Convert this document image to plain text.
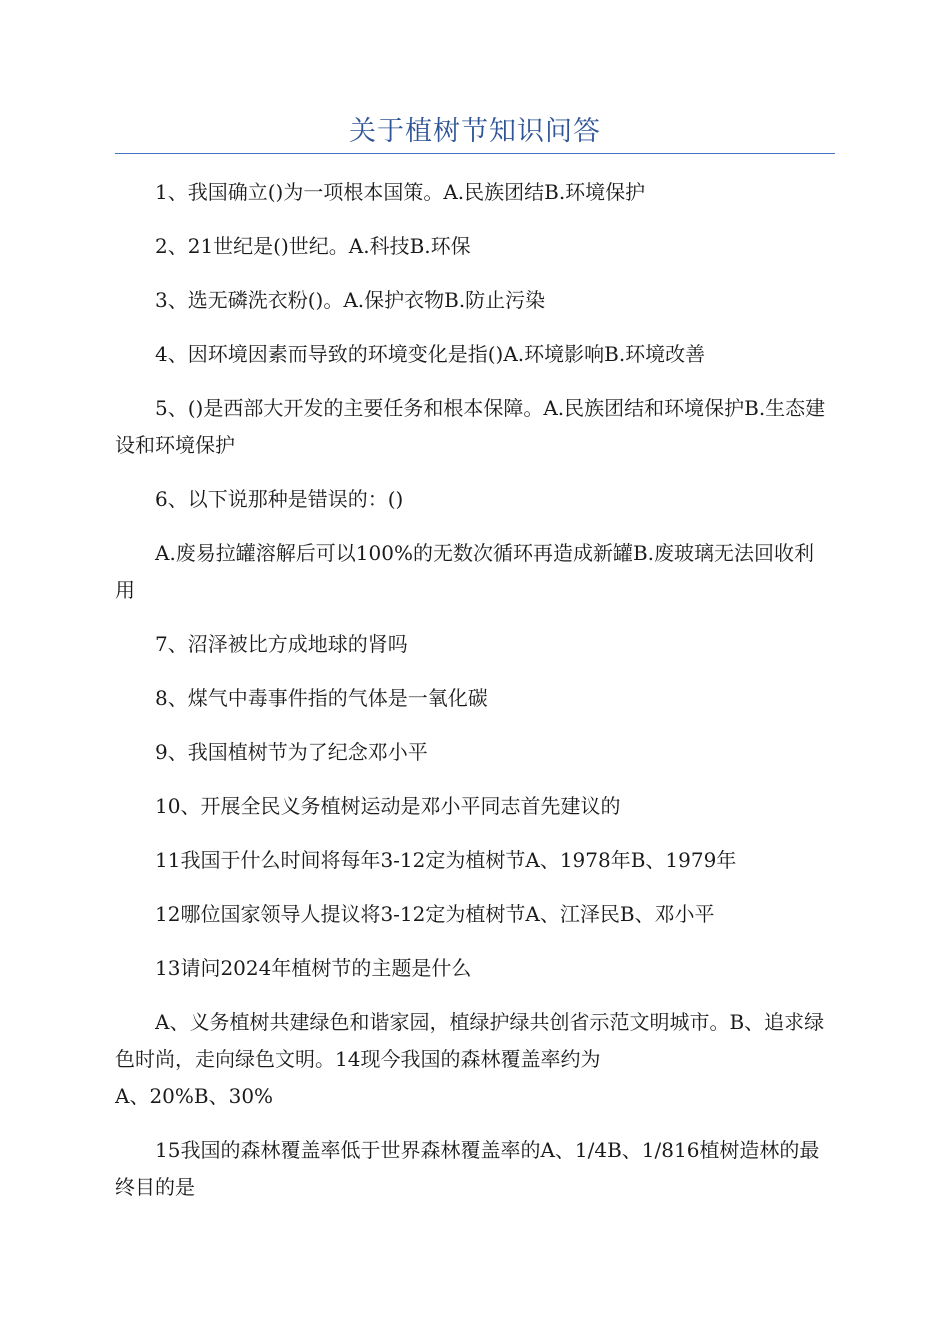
关于植树节知识问答

1、我国确立()为一项根本国策。A.民族团结B.环境保护

2、21世纪是()世纪。A.科技B.环保

3、选无磷洗衣粉()。A.保护衣物B.防止污染

4、因环境因素而导致的环境变化是指()A.环境影响B.环境改善

5、()是西部大开发的主要任务和根本保障。A.民族团结和环境保护B.生态建设和环境保护

6、以下说那种是错误的：()

A.废易拉罐溶解后可以100%的无数次循环再造成新罐B.废玻璃无法回收利用

7、沼泽被比方成地球的肾吗

8、煤气中毒事件指的气体是一氧化碳

9、我国植树节为了纪念邓小平

10、开展全民义务植树运动是邓小平同志首先建议的

11我国于什么时间将每年3-12定为植树节A、1978年B、1979年

12哪位国家领导人提议将3-12定为植树节A、江泽民B、邓小平

13请问2024年植树节的主题是什么

A、义务植树共建绿色和谐家园，植绿护绿共创省示范文明城市。B、追求绿色时尚，走向绿色文明。14现今我国的森林覆盖率约为

A、20%B、30%

15我国的森林覆盖率低于世界森林覆盖率的A、1/4B、1/816植树造林的最终目的是
